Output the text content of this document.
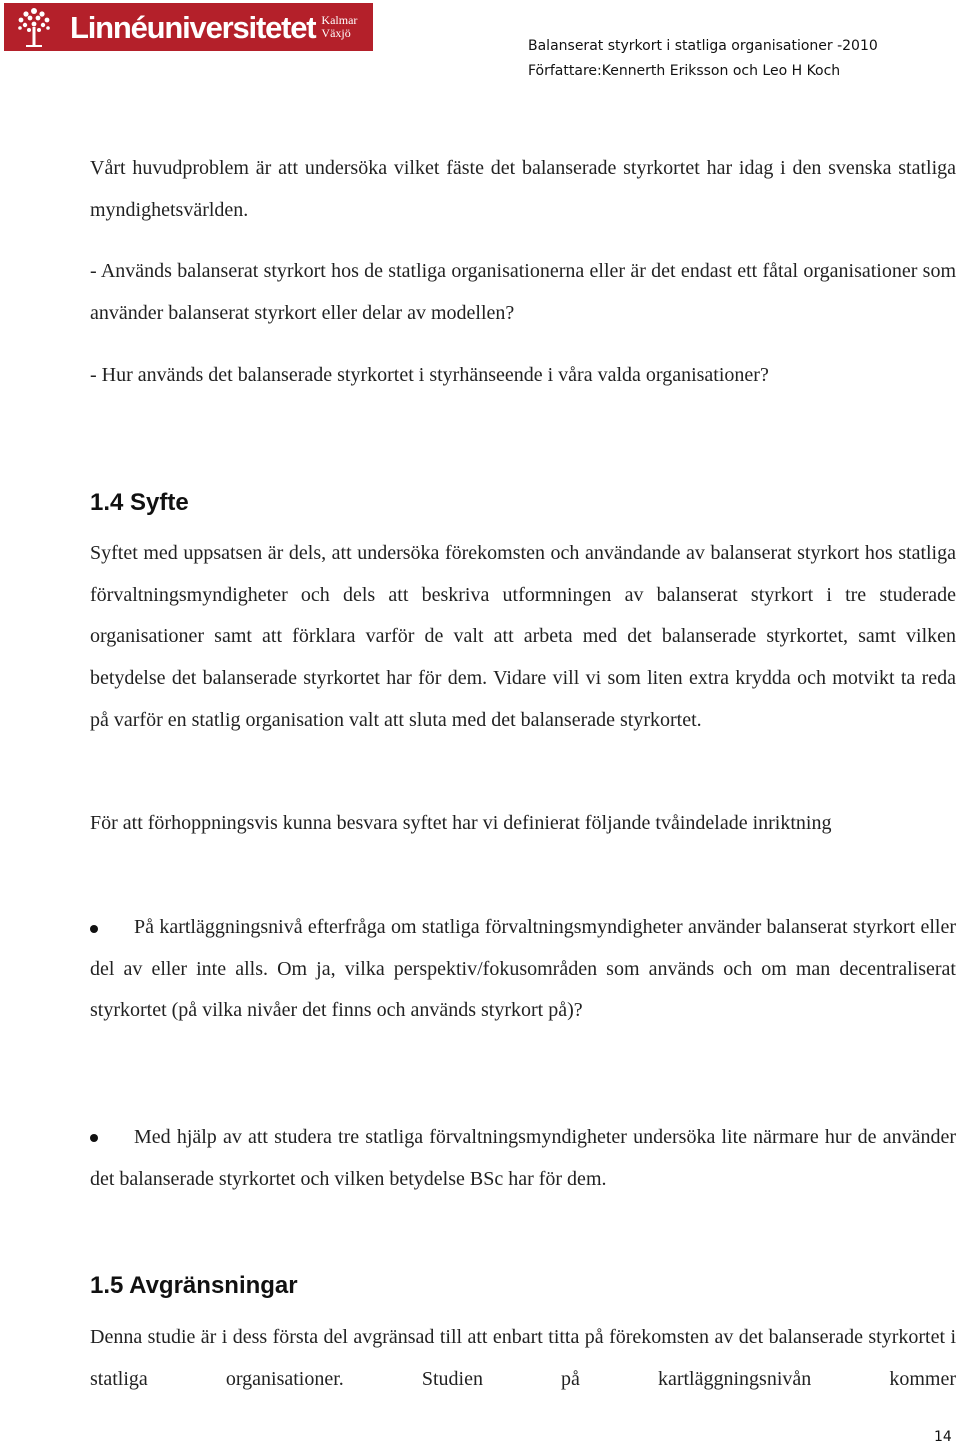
Linnéuniversitetet Kalmar
Växjö
Balanserat styrkort i statliga organisationer -2010
Författare:Kennerth Eriksson och Leo H Koch

Vårt huvudproblem är att undersöka vilket fäste det balanserade styrkortet har idag i den svenska statliga myndighetsvärlden.

- Används balanserat styrkort hos de statliga organisationerna eller är det endast ett fåtal organisationer som använder balanserat styrkort eller delar av modellen?

- Hur används det balanserade styrkortet i styrhänseende i våra valda organisationer?

1.4 Syfte

Syftet med uppsatsen är dels, att undersöka förekomsten och användande av balanserat styrkort hos statliga förvaltningsmyndigheter och dels att beskriva utformningen av balanserat styrkort i tre studerade organisationer samt att förklara varför de valt att arbeta med det balanserade styrkortet, samt vilken betydelse det balanserade styrkortet har för dem. Vidare vill vi som liten extra krydda och motvikt ta reda på varför en statlig organisation valt att sluta med det balanserade styrkortet.

För att förhoppningsvis kunna besvara syftet har vi definierat följande tvåindelade inriktning

På kartläggningsnivå efterfråga om statliga förvaltningsmyndigheter använder balanserat styrkort eller del av eller inte alls. Om ja, vilka perspektiv/fokusområden som används och om man decentraliserat styrkortet (på vilka nivåer det finns och används styrkort på)?

Med hjälp av att studera tre statliga förvaltningsmyndigheter undersöka lite närmare hur de använder det balanserade styrkortet och vilken betydelse BSc har för dem.

1.5 Avgränsningar

Denna studie är i dess första del avgränsad till att enbart titta på förekomsten av det balanserade styrkortet i statliga organisationer. Studien på kartläggningsnivån kommer

14
